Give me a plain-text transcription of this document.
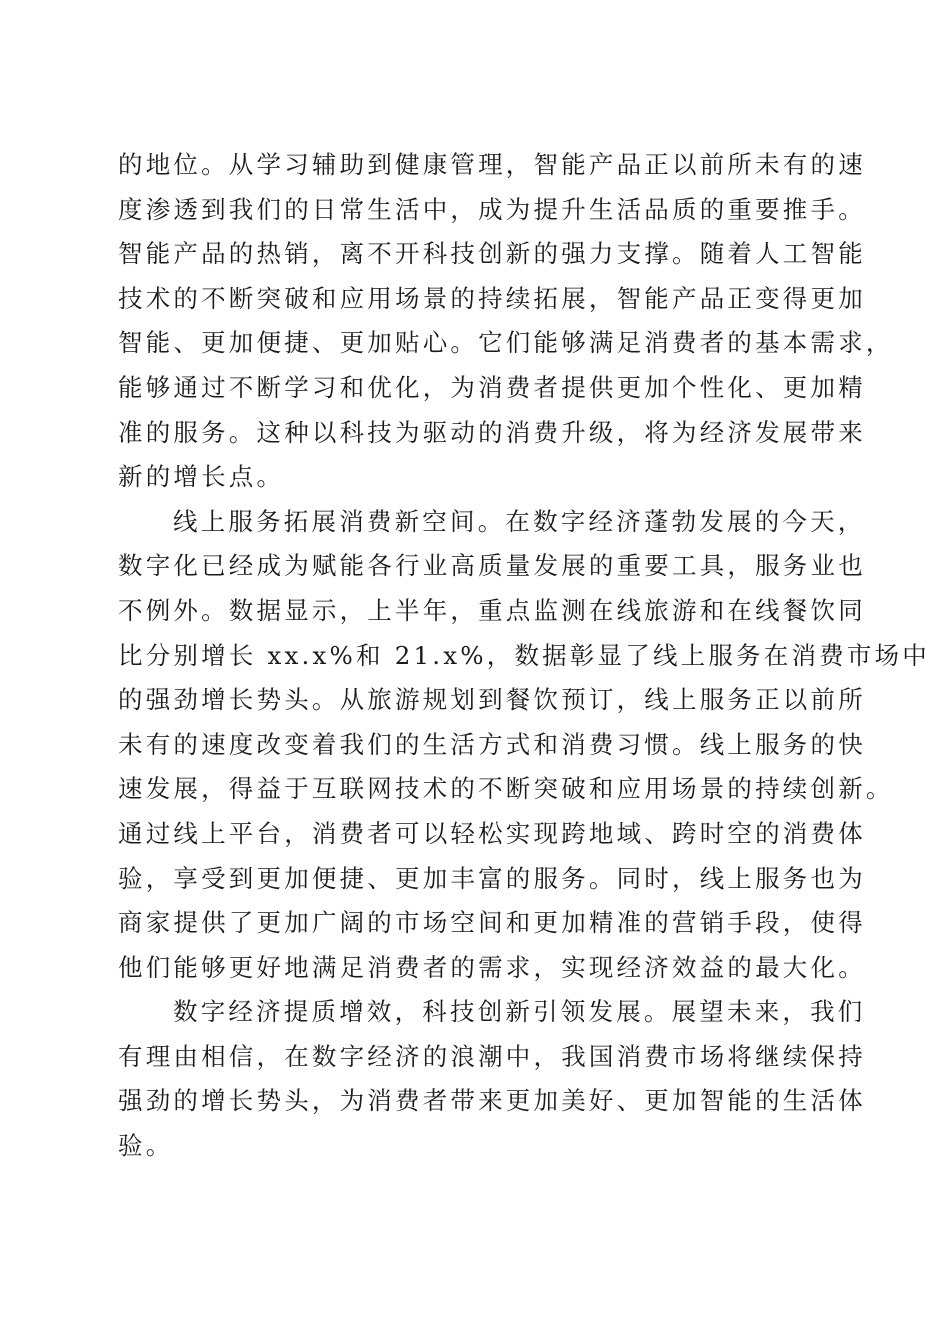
的地位。从学习辅助到健康管理，智能产品正以前所未有的速
度渗透到我们的日常生活中，成为提升生活品质的重要推手。
智能产品的热销，离不开科技创新的强力支撑。随着人工智能
技术的不断突破和应用场景的持续拓展，智能产品正变得更加
智能、更加便捷、更加贴心。它们能够满足消费者的基本需求，
能够通过不断学习和优化，为消费者提供更加个性化、更加精
准的服务。这种以科技为驱动的消费升级，将为经济发展带来
新的增长点。
线上服务拓展消费新空间。在数字经济蓬勃发展的今天，
数字化已经成为赋能各行业高质量发展的重要工具，服务业也
不例外。数据显示，上半年，重点监测在线旅游和在线餐饮同
比分别增长 xx.x%和 21.x%，数据彰显了线上服务在消费市场中
的强劲增长势头。从旅游规划到餐饮预订，线上服务正以前所
未有的速度改变着我们的生活方式和消费习惯。线上服务的快
速发展，得益于互联网技术的不断突破和应用场景的持续创新。
通过线上平台，消费者可以轻松实现跨地域、跨时空的消费体
验，享受到更加便捷、更加丰富的服务。同时，线上服务也为
商家提供了更加广阔的市场空间和更加精准的营销手段，使得
他们能够更好地满足消费者的需求，实现经济效益的最大化。
数字经济提质增效，科技创新引领发展。展望未来，我们
有理由相信，在数字经济的浪潮中，我国消费市场将继续保持
强劲的增长势头，为消费者带来更加美好、更加智能的生活体
验。
